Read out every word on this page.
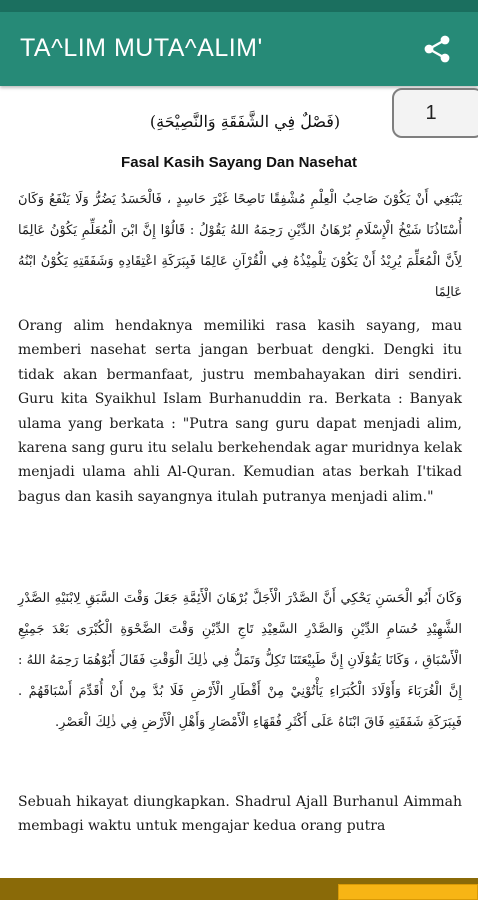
TA^LIM MUTA^ALIM'
1
(فَصْلٌ فِي الشَّفَقَةِ وَالنَّصِيْحَةِ)
Fasal Kasih Sayang Dan Nasehat
يَنْبَغِي أَنْ يَكُوْنَ صَاحِبُ الْعِلْمِ مُشْفِقًا نَاصِحًا غَيْرَ حَاسِدٍ ، فَالْحَسَدُ يَضُرُّ وَلَا يَنْفَعُ وَكَانَ أُسْتَاذُنَا شَيْخُ الْإِسْلَامِ بُرْهَانُ الدِّيْنِ رَحِمَهُ اللهُ يَقُوْلُ : قَالُوْا إِنَّ ابْنَ الْمُعَلِّمِ يَكُوْنُ عَالِمًا لِأَنَّ الْمُعَلِّمَ يُرِيْدُ أَنْ يَكُوْنَ تِلْمِيْذُهُ فِي الْقُرْآنِ عَالِمًا فَبِبَرَكَةِ اعْتِقَادِهِ وَشَفَقَتِهِ يَكُوْنُ ابْنُهُ عَالِمًا
Orang alim hendaknya memiliki rasa kasih sayang, mau memberi nasehat serta jangan berbuat dengki. Dengki itu tidak akan bermanfaat, justru membahayakan diri sendiri. Guru kita Syaikhul Islam Burhanuddin ra. Berkata : Banyak ulama yang berkata : "Putra sang guru dapat menjadi alim, karena sang guru itu selalu berkehendak agar muridnya kelak menjadi ulama ahli Al-Quran. Kemudian atas berkah I'tikad bagus dan kasih sayangnya itulah putranya menjadi alim."
وَكَانَ أَبُو الْحَسَنِ يَحْكِي أَنَّ الصَّدْرَ الْأَجَلَّ بُرْهَانَ الْأَئِمَّةِ جَعَلَ وَقْتَ السَّبَقِ لِابْنَيْهِ الصَّدْرِ الشَّهِيْدِ حُسَامِ الدِّيْنِ وَالصَّدْرِ السَّعِيْدِ تَاجِ الدِّيْنِ وَقْتَ الضَّحْوَةِ الْكُبْرَى بَعْدَ جَمِيْعِ الْأَسْبَاقِ ، وَكَانَا يَقُوْلَانِ إِنَّ طَبِيْعَتَنَا تَكِلُّ وَتَمَلُّ فِي ذٰلِكَ الْوَقْتِ فَقَالَ أَبُوْهُمَا رَحِمَهُ اللهُ : إِنَّ الْغُرَبَاءَ وَأَوْلَادَ الْكُبَرَاءِ يَأْتُوْنِيْ مِنْ أَقْطَارِ الْأَرْضِ فَلَا بُدَّ مِنْ أَنْ أُقَدِّمَ أَسْبَاقَهُمْ . فَبِبَرَكَةِ شَفَقَتِهِ فَاقَ ابْنَاهُ عَلَى أَكْثَرِ فُقَهَاءِ الْأَمْصَارِ وَأَهْلِ الْأَرْضِ فِي ذٰلِكَ الْعَصْرِ.
Sebuah hikayat diungkapkan. Shadrul Ajall Burhanul Aimmah membagi waktu untuk mengajar kedua orang putra
